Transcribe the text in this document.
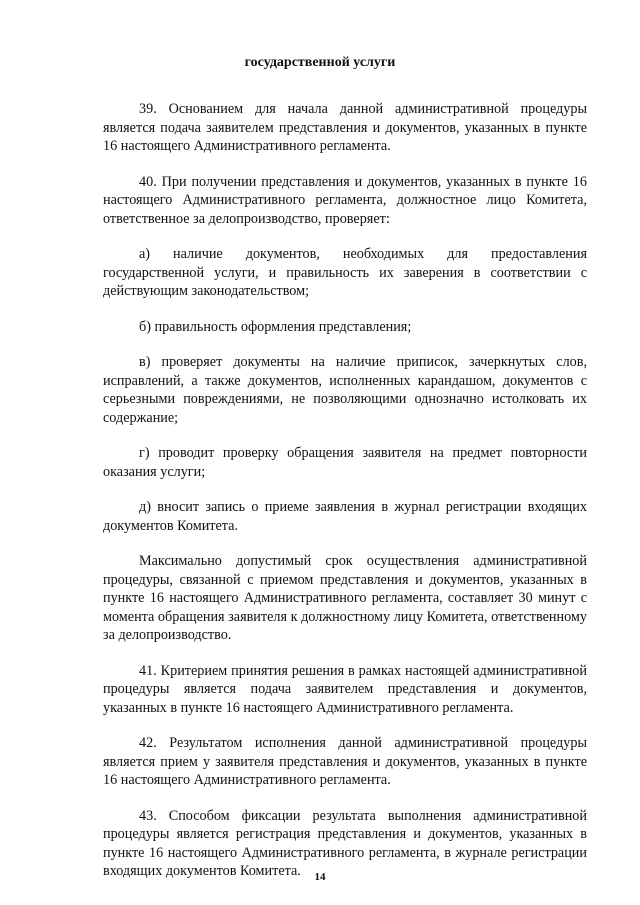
государственной услуги

39. Основанием для начала данной административной процедуры является подача заявителем представления и документов, указанных в пункте 16 настоящего Административного регламента.

40. При получении представления и документов, указанных в пункте 16 настоящего Административного регламента, должностное лицо Комитета, ответственное за делопроизводство, проверяет:

а) наличие документов, необходимых для предоставления государственной услуги, и правильность их заверения в соответствии с действующим законодательством;

б) правильность оформления представления;

в) проверяет документы на наличие приписок, зачеркнутых слов, исправлений, а также документов, исполненных карандашом, документов с серьезными повреждениями, не позволяющими однозначно истолковать их содержание;

г) проводит проверку обращения заявителя на предмет повторности оказания услуги;

д) вносит запись о приеме заявления в журнал регистрации входящих документов Комитета.

Максимально допустимый срок осуществления административной процедуры, связанной с приемом представления и документов, указанных в пункте 16 настоящего Административного регламента, составляет 30 минут с момента обращения заявителя к должностному лицу Комитета, ответственному за делопроизводство.

41. Критерием принятия решения в рамках настоящей административной процедуры является подача заявителем представления и документов, указанных в пункте 16 настоящего Административного регламента.

42. Результатом исполнения данной административной процедуры является прием у заявителя представления и документов, указанных в пункте 16 настоящего Административного регламента.

43. Способом фиксации результата выполнения административной процедуры является регистрация представления и документов, указанных в пункте 16 настоящего Административного регламента, в журнале регистрации входящих документов Комитета.	14
